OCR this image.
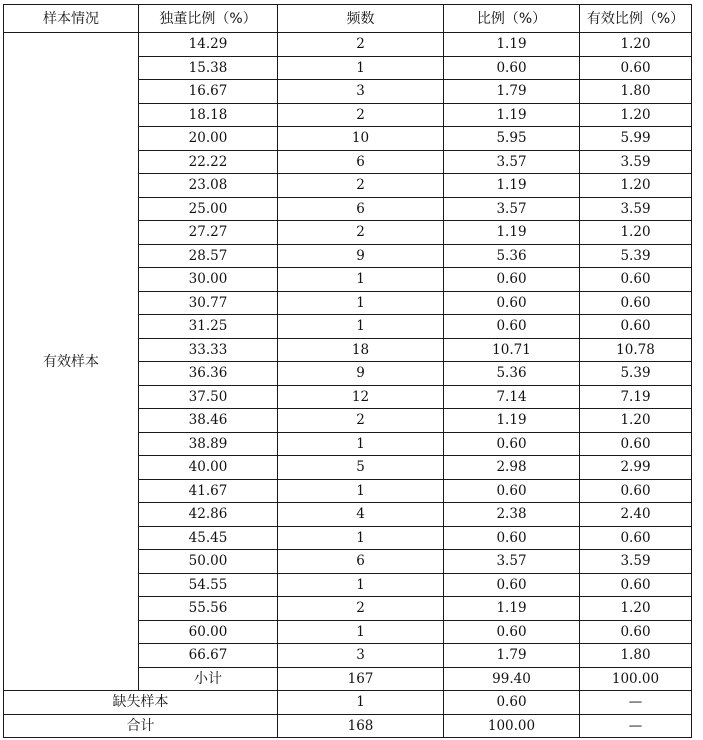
样本情况	独董比例（%）	频数	比例（%）	有效比例（%）
有效样本	14.29	2	1.19	1.20
	15.38	1	0.60	0.60
	16.67	3	1.79	1.80
	18.18	2	1.19	1.20
	20.00	10	5.95	5.99
	22.22	6	3.57	3.59
	23.08	2	1.19	1.20
	25.00	6	3.57	3.59
	27.27	2	1.19	1.20
	28.57	9	5.36	5.39
	30.00	1	0.60	0.60
	30.77	1	0.60	0.60
	31.25	1	0.60	0.60
	33.33	18	10.71	10.78
	36.36	9	5.36	5.39
	37.50	12	7.14	7.19
	38.46	2	1.19	1.20
	38.89	1	0.60	0.60
	40.00	5	2.98	2.99
	41.67	1	0.60	0.60
	42.86	4	2.38	2.40
	45.45	1	0.60	0.60
	50.00	6	3.57	3.59
	54.55	1	0.60	0.60
	55.56	2	1.19	1.20
	60.00	1	0.60	0.60
	66.67	3	1.79	1.80
	小计	167	99.40	100.00
缺失样本		1	0.60	—
合计		168	100.00	—
